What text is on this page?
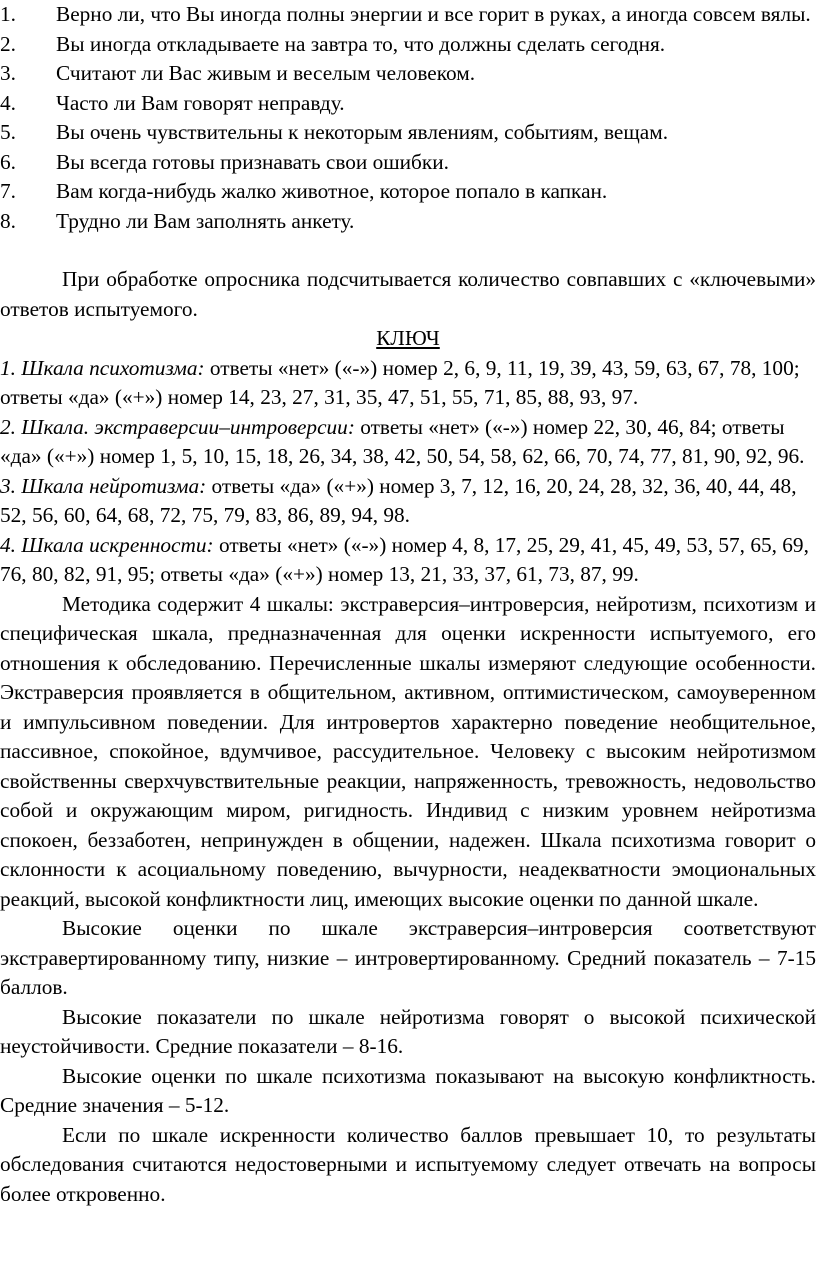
1. Верно ли, что Вы иногда полны энергии и все горит в руках, а иногда совсем вялы.
2. Вы иногда откладываете на завтра то, что должны сделать сегодня.
3. Считают ли Вас живым и веселым человеком.
4. Часто ли Вам говорят неправду.
5. Вы очень чувствительны к некоторым явлениям, событиям, вещам.
6. Вы всегда готовы признавать свои ошибки.
7. Вам когда-нибудь жалко животное, которое попало в капкан.
8. Трудно ли Вам заполнять анкету.

При обработке опросника подсчитывается количество совпавших с «ключевыми» ответов испытуемого.

КЛЮЧ

1. Шкала психотизма: ответы «нет» («-») номер 2, 6, 9, 11, 19, 39, 43, 59, 63, 67, 78, 100; ответы «да» («+») номер 14, 23, 27, 31, 35, 47, 51, 55, 71, 85, 88, 93, 97.

2. Шкала. экстраверсии–интроверсии: ответы «нет» («-») номер 22, 30, 46, 84; ответы «да» («+») номер 1, 5, 10, 15, 18, 26, 34, 38, 42, 50, 54, 58, 62, 66, 70, 74, 77, 81, 90, 92, 96.

3. Шкала нейротизма: ответы «да» («+») номер 3, 7, 12, 16, 20, 24, 28, 32, 36, 40, 44, 48, 52, 56, 60, 64, 68, 72, 75, 79, 83, 86, 89, 94, 98.

4. Шкала искренности: ответы «нет» («-») номер 4, 8, 17, 25, 29, 41, 45, 49, 53, 57, 65, 69, 76, 80, 82, 91, 95; ответы «да» («+») номер 13, 21, 33, 37, 61, 73, 87, 99.

Методика содержит 4 шкалы: экстраверсия–интроверсия, нейротизм, психотизм и специфическая шкала, предназначенная для оценки искренности испытуемого, его отношения к обследованию. Перечисленные шкалы измеряют следующие особенности. Экстраверсия проявляется в общительном, активном, оптимистическом, самоуверенном и импульсивном поведении. Для интровертов характерно поведение необщительное, пассивное, спокойное, вдумчивое, рассудительное. Человеку с высоким нейротизмом свойственны сверхчувствительные реакции, напряженность, тревожность, недовольство собой и окружающим миром, ригидность. Индивид с низким уровнем нейротизма спокоен, беззаботен, непринужден в общении, надежен. Шкала психотизма говорит о склонности к асоциальному поведению, вычурности, неадекватности эмоциональных реакций, высокой конфликтности лиц, имеющих высокие оценки по данной шкале.

Высокие оценки по шкале экстраверсия–интроверсия соответствуют экстравертированному типу, низкие – интровертированному. Средний показатель – 7-15 баллов.

Высокие показатели по шкале нейротизма говорят о высокой психической неустойчивости. Средние показатели – 8-16.

Высокие оценки по шкале психотизма показывают на высокую конфликтность. Средние значения – 5-12.

Если по шкале искренности количество баллов превышает 10, то результаты обследования считаются недостоверными и испытуемому следует отвечать на вопросы более откровенно.
